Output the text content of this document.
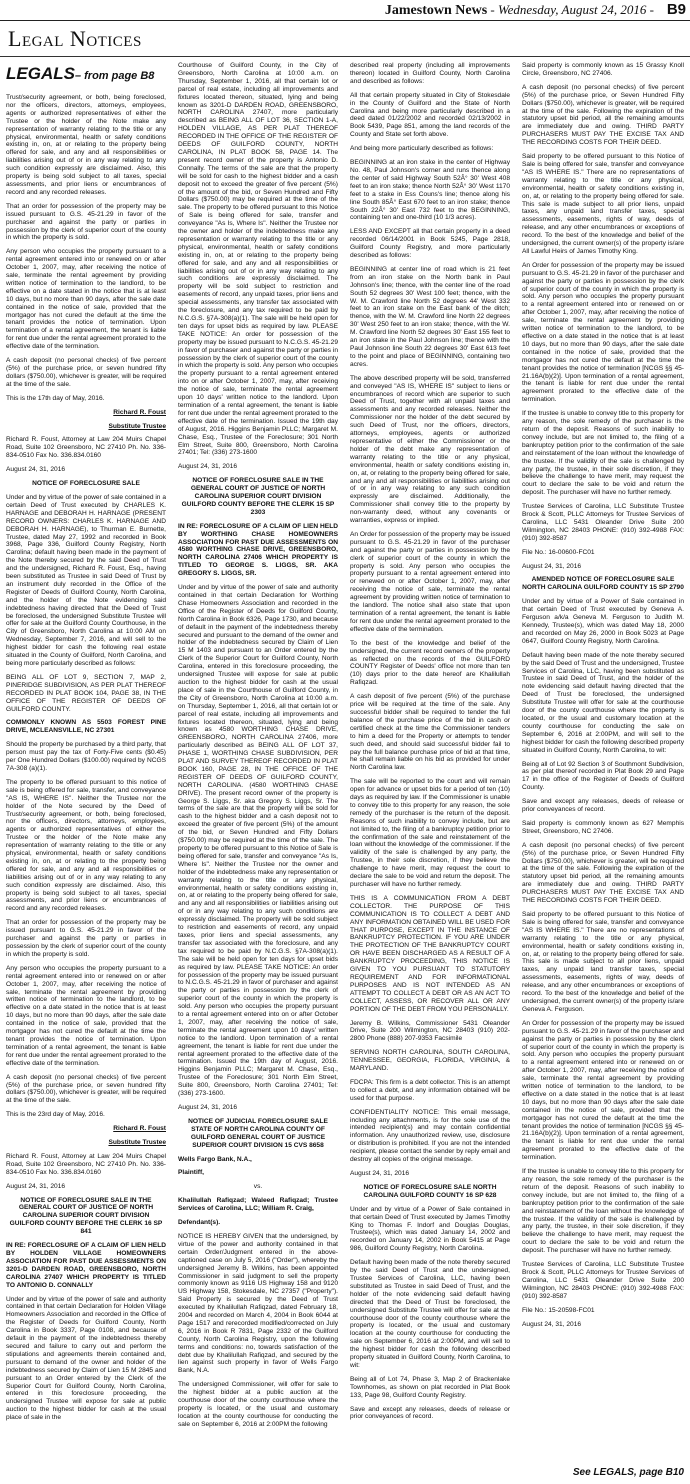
Jamestown News - Wednesday, August 24, 2016 - B9
Legal Notices
LEGALS– from page B8

Trust/security agreement, or both, being foreclosed, nor the officers, directors, attorneys, employees, agents or authorized representatives of either the Trustee or the holder of the Note make any representation of warranty relating to the title or any physical, environmental, health or safety conditions existing in, on, at or relating to the property being offered for sale, and any and all responsibilities or liabilities arising out of or in any way relating to any such condition expressly are disclaimed. Also, this property is being sold subject to all taxes, special assessments, and prior liens or encumbrances of record and any recorded releases.

That an order for possession of the property may be issued pursuant to G.S. 45-21.29 in favor of the purchaser and against the party or parties in possession by the clerk of superior court of the county in which the property is sold.

Any person who occupies the property pursuant to a rental agreement entered into or renewed on or after October 1, 2007, may, after receiving the notice of sale, terminate the rental agreement by providing written notice of termination to the landlord, to be effective on a date stated in the notice that is at least 10 days, but no more than 90 days, after the sale date contained in the notice of sale, provided that the mortgagor has not cured the default at the time the tenant provides the notice of termination. Upon termination of a rental agreement, the tenant is liable for rent due under the rental agreement prorated to the effective date of the termination.

A cash deposit (no personal checks) of five percent (5%) of the purchase price, or seven hundred fifty dollars ($750.00), whichever is greater, will be required at the time of the sale.

This is the 17th day of May, 2016.

Richard R. Foust

Substitute Trustee

Richard R. Foust, Attorney at Law 204 Muirs Chapel Road, Suite 102 Greensboro, NC 27410 Ph. No. 336-834-0510 Fax No. 336.834.0160

August 24, 31, 2016

NOTICE OF FORECLOSURE SALE

Under and by virtue of the power of sale contained in a certain Deed of Trust executed by CHARLES K. HARNAGE and DEBORAH H. HARNAGE (PRESENT RECORD OWNERS: CHARLES K. HARNAGE AND DEBORAH H. HARNAGE), to Thurman E. Burnette, Trustee, dated May 27, 1992 and recorded in Book 3968, Page 336, Guilford County Registry, North Carolina; default having been made in the payment of the Note thereby secured by the said Deed of Trust and the undersigned, Richard R. Foust, Esq., having been substituted as Trustee in said Deed of Trust by an instrument duly recorded in the Office of the Register of Deeds of Guilford County, North Carolina, and the holder of the Note evidencing said indebtedness having directed that the Deed of Trust be foreclosed, the undersigned Substitute Trustee will offer for sale at the Guilford County Courthouse, in the City of Greensboro, North Carolina at 10:00 AM on Wednesday, September 7, 2016, and will sell to the highest bidder for cash the following real estate situated in the County of Guilford, North Carolina, and being more particularly described as follows:

BEING ALL OF LOT 9, SECTION 7, MAP 2, PINERIDGE SUBDIVISION, AS PER PLAT THEREOF RECORDED IN PLAT BOOK 104, PAGE 38, IN THE OFFICE OF THE REGISTER OF DEEDS OF GUILFORD COUNTY.

COMMONLY KNOWN AS 5503 FOREST PINE DRIVE, MCLEANSVILLE, NC 27301

Should the property be purchased by a third party, that person must pay the tax of Forty-Five cents ($0.45) per One Hundred Dollars ($100.00) required by NCGS 7A-308 (a)(1).

The property to be offered pursuant to this notice of sale is being offered for sale, transfer, and conveyance "AS IS, WHERE IS". Neither the Trustee nor the holder of the Note secured by the Deed of Trust/security agreement, or both, being foreclosed, nor the officers, directors, attorneys, employees, agents or authorized representatives of either the Trustee or the holder of the Note make any representation of warranty relating to the title or any physical, environmental, health or safety conditions existing in, on, at or relating to the property being offered for sale, and any and all responsibilities or liabilities arising out of or in any way relating to any such condition expressly are disclaimed. Also, this property is being sold subject to all taxes, special assessments, and prior liens or encumbrances of record and any recorded releases.

That an order for possession of the property may be issued pursuant to G.S. 45-21.29 in favor of the purchaser and against the party or parties in possession by the clerk of superior court of the county in which the property is sold.

Any person who occupies the property pursuant to a rental agreement entered into or renewed on or after October 1, 2007, may, after receiving the notice of sale, terminate the rental agreement by providing written notice of termination to the landlord, to be effective on a date stated in the notice that is at least 10 days, but no more than 90 days, after the sale date contained in the notice of sale, provided that the mortgagor has not cured the default at the time the tenant provides the notice of termination. Upon termination of a rental agreement, the tenant is liable for rent due under the rental agreement prorated to the effective date of the termination.

A cash deposit (no personal checks) of five percent (5%) of the purchase price, or seven hundred fifty dollars ($750.00), whichever is greater, will be required at the time of the sale.

This is the 23rd day of May, 2016.

Richard R. Foust

Substitute Trustee

Richard R. Foust, Attorney at Law 204 Muirs Chapel Road, Suite 102 Greensboro, NC 27410 Ph. No. 336-834-0510 Fax No. 336.834.0160

August 24, 31, 2016

NOTICE OF FORECLOSURE SALE IN THE GENERAL COURT OF JUSTICE OF NORTH CAROLINA SUPERIOR COURT DIVISION GUILFORD COUNTY BEFORE THE CLERK 16 SP 841

IN RE: FORECLOSURE OF A CLAIM OF LIEN HELD BY HOLDEN VILLAGE HOMEOWNERS ASSOCIATION FOR PAST DUE ASSESSMENTS ON 3201-D DARDEN ROAD, GREENSBORO, NORTH CAROLINA 27407 WHICH PROPERTY IS TITLED TO ANTONIO D. CONNALLY

Under and by virtue of the power of sale and authority contained in that certain Declaration for Holden Village Homeowners Association and recorded in the Office of the Register of Deeds for Guilford County, North Carolina in Book 3337, Page 0108, and because of default in the payment of the indebtedness thereby secured and failure to carry out and perform the stipulations and agreements therein contained and, pursuant to demand of the owner and holder of the indebtedness secured by Claim of Lien 15 M 2845 and pursuant to an Order entered by the Clerk of the Superior Court for Guilford County, North Carolina, entered in this foreclosure proceeding, the undersigned Trustee will expose for sale at public auction to the highest bidder for cash at the usual place of sale in the

Courthouse of Guilford County, in the City of Greensboro, North Carolina at 10:00 a.m. on Thursday, September 1, 2016, all that certain lot or parcel of real estate, including all improvements and fixtures located thereon, situated, lying and being known as 3201-D DARDEN ROAD, GREENSBORO, NORTH CAROLINA 27407, more particularly described as BEING ALL OF LOT 36, SECTION 1-A, HOLDEN VILLAGE, AS PER PLAT THEREOF RECORDED IN THE OFFICE OF THE REGISTER OF DEEDS OF GUILFORD COUNTY, NORTH CAROLINA, IN PLAT BOOK 58, PAGE 14. The present record owner of the property is Antonio D. Connally. The terms of the sale are that the property will be sold for cash to the highest bidder and a cash deposit not to exceed the greater of five percent (5%) of the amount of the bid, or Seven Hundred and Fifty Dollars ($750.00) may be required at the time of the sale. The property to be offered pursuant to this Notice of Sale is being offered for sale, transfer and conveyance "As Is, Where Is". Neither the Trustee nor the owner and holder of the indebtedness make any representation or warranty relating to the title or any physical, environmental, health or safety conditions existing in, on, at or relating to the property being offered for sale, and any and all responsibilities or liabilities arising out of or in any way relating to any such conditions are expressly disclaimed. The property will be sold subject to restriction and easements of record, any unpaid taxes, prior liens and special assessments, any transfer tax associated with the foreclosure, and any tax required to be paid by N.C.G.S. §7A-308(a)(1). The sale will be held open for ten days for upset bids as required by law. PLEASE TAKE NOTICE: An order for possession of the property may be issued pursuant to N.C.G.S. 45-21.29 in favor of purchaser and against the party or parties in possession by the clerk of superior court of the county in which the property is sold. Any person who occupies the property pursuant to a rental agreement entered into on or after October 1, 2007, may, after receiving the notice of sale, terminate the rental agreement upon 10 days' written notice to the landlord. Upon termination of a rental agreement, the tenant is liable for rent due under the rental agreement prorated to the effective date of the termination. Issued the 19th day of August, 2016. Higgins Benjamin PLLC; Margaret M. Chase, Esq., Trustee of the Foreclosure; 301 North Elm Street, Suite 800, Greensboro, North Carolina 27401; Tel: (336) 273-1600

August 24, 31, 2016

NOTICE OF FORECLOSURE SALE IN THE GENERAL COURT OF JUSTICE OF NORTH CAROLINA SUPERIOR COURT DIVISION GUILFORD COUNTY BEFORE THE CLERK 15 SP 2303

IN RE: FORECLOSURE OF A CLAIM OF LIEN HELD BY WORTHING CHASE HOMEOWNERS ASSOCIATION FOR PAST DUE ASSESSMENTS ON 4580 WORTHING CHASE DRIVE, GREENSBORO, NORTH CAROLINA 27406 WHICH PROPERTY IS TITLED TO GEORGE S. LIGGS, SR. AKA GREGORY S. LIGGS, SR.

Under and by virtue of the power of sale and authority contained in that certain Declaration for Worthing Chase Homeowners Association and recorded in the Office of the Register of Deeds for Guilford County, North Carolina in Book 6326, Page 1730, and because of default in the payment of the indebtedness thereby secured and pursuant to the demand of the owner and holder of the indebtedness secured by Claim of Lien 15 M 1403 and pursuant to an Order entered by the Clerk of the Superior Court for Guilford County, North Carolina, entered in this foreclosure proceeding, the undersigned Trustee will expose for sale at public auction to the highest bidder for cash at the usual place of sale in the Courthouse of Guilford County, in the City of Greensboro, North Carolina at 10:00 a.m. on Thursday, September 1, 2016, all that certain lot or parcel of real estate, including all improvements and fixtures located thereon, situated, lying and being known as 4580 WORTHING CHASE DRIVE, GREENSBORO, NORTH CAROLINA 27406, more particularly described as BEING ALL OF LOT 37, PHASE 1, WORTHING CHASE SUBDIVISION, PER PLAT AND SURVEY THEREOF RECORDED IN PLAT BOOK 160, PAGE 28, IN THE OFFICE OF THE REGISTER OF DEEDS OF GUILFORD COUNTY, NORTH CAROLINA. (4580 WORTHING CHASE DRIVE). The present record owner of the property is George S. Liggs, Sr. aka Gregory S. Liggs, Sr. The terms of the sale are that the property will be sold for cash to the highest bidder and a cash deposit not to exceed the greater of five percent (5%) of the amount of the bid, or Seven Hundred and Fifty Dollars ($750.00) may be required at the time of the sale. The property to be offered pursuant to this Notice of Sale is being offered for sale, transfer and conveyance "As Is, Where Is". Neither the Trustee nor the owner and holder of the indebtedness make any representation or warranty relating to the title or any physical, environmental, health or safety conditions existing in, on, at or relating to the property being offered for sale, and any and all responsibilities or liabilities arising out of or in any way relating to any such conditions are expressly disclaimed. The property will be sold subject to restriction and easements of record, any unpaid taxes, prior liens and special assessments, any transfer tax associated with the foreclosure, and any tax required to be paid by N.C.G.S. §7A-308(a)(1). The sale will be held open for ten days for upset bids as required by law. PLEASE TAKE NOTICE: An order for possession of the property may be issued pursuant to N.C.G.S. 45-21.29 in favor of purchaser and against the party or parties in possession by the clerk of superior court of the county in which the property is sold. Any person who occupies the property pursuant to a rental agreement entered into on or after October 1, 2007, may, after receiving the notice of sale, terminate the rental agreement upon 10 days' written notice to the landlord. Upon termination of a rental agreement, the tenant is liable for rent due under the rental agreement prorated to the effective date of the termination. Issued the 19th day of August, 2016. Higgins Benjamin PLLC; Margaret M. Chase, Esq., Trustee of the Foreclosure; 301 North Elm Street, Suite 800, Greensboro, North Carolina 27401; Tel: (336) 273-1600.

August 24, 31, 2016

NOTICE OF JUDICIAL FORECLOSURE SALE STATE OF NORTH CAROLINA COUNTY OF GUILFORD GENERAL COURT OF JUSTICE SUPERIOR COURT DIVISION 15 CVS 8658

Wells Fargo Bank, N.A.,

Plaintiff,

vs.

Khalilullah Rafiqzad; Waleed Rafiqzad; Trustee Services of Carolina, LLC; William R. Craig,

Defendant(s).

NOTICE IS HEREBY GIVEN that the undersigned, by virtue of the power and authority contained in that certain Order/Judgment entered in the above-captioned case on July 5, 2016 ("Order"), whereby the undersigned Jeremy B. Wilkins, has been appointed Commissioner in said judgment to sell the property commonly known as 9116 US Highway 158 and 9120 US Highway 158, Stokesdale, NC 27357 ("Property"). Said Property is secured by the Deed of Trust executed by Khalilullah Rafiqzad, dated February 18, 2004 and recorded on March 4, 2004 in Book 6044 at Page 1517 and rerecorded modified/corrected on July 6, 2016 in Book R 7831, Page 2332 of the Guilford County, North Carolina Registry, upon the following terms and conditions: no, towards satisfaction of the debt due by Khalilullah Rafiqzad, and secured by the lien against such property in favor of Wells Fargo Bank, N.A.

The undersigned Commissioner, will offer for sale to the highest bidder at a public auction at the courthouse door of the county courthouse where the property is located, or the usual and customary location at the county courthouse for conducting the sale on September 6, 2016 at 2:00PM the following

described real property (including all improvements thereon) located in Guilford County, North Carolina and described as follows:

All that certain property situated in City of Stokesdale in the County of Guilford and the State of North Carolina and being more particularly described in a deed dated 01/22/2002 and recorded 02/13/2002 in Book 5439, Page 851, among the land records of the County and State set forth above.

And being more particularly described as follows:

BEGINNING at an iron stake in the center of Highway No. 48, Paul Johnson's corner and runs thence along the center of said Highway South 52Â° 30' West 408 feet to an iron stake; thence North 52Â° 30' West 1170 feet to a stake in Ess Couns's line; thence along his line South 85Â° East 670 feet to an iron stake; thence South 22Â° 30' East 732 feet to the BEGINNING, containing ten and one-third (10 1/3 acres).

LESS AND EXCEPT all that certain property in a deed recorded 06/14/2001 in Book 5245, Page 2818, Guilford County Registry, and more particularly described as follows:

BEGINNING at center line of road which is 21 feet from an iron stake on the North bank in Paul Johnson's line; thence, with the center line of the road South 52 degrees 30' West 100 feet; thence, with the W. M. Crawford line North 52 degrees 44' West 332 feet to an iron stake on the East bank of the ditch; thence, with the W. M. Crawford line North 22 degrees 30' West 250 feet to an iron stake; thence, with the W. M. Crawford line North 52 degrees 30' East 155 feet to an iron stake in the Paul Johnson line; thence with the Paul Johnson line South 22 degrees 30' East 613 feet to the point and place of BEGINNING, containing two acres.

The above described property will be sold, transferred and conveyed "AS IS, WHERE IS" subject to liens or encumbrances of record which are superior to such Deed of Trust, together with all unpaid taxes and assessments and any recorded releases. Neither the Commissioner nor the holder of the debt secured by such Deed of Trust, nor the officers, directors, attorneys, employees, agents or authorized representative of either the Commissioner or the holder of the debt make any representation of warranty relating to the title or any physical, environmental, health or safety conditions existing in, on, at, or relating to the property being offered for sale, and any and all responsibilities or liabilities arising out of or in any way relating to any such condition expressly are disclaimed. Additionally, the Commissioner shall convey title to the property by non-warranty deed, without any covenants or warranties, express or implied.

An Order for possession of the property may be issued pursuant to G.S. 45-21.29 in favor of the purchaser and against the party or parties in possession by the clerk of superior court of the county in which the property is sold. Any person who occupies the property pursuant to a rental agreement entered into or renewed on or after October 1, 2007, may, after receiving the notice of sale, terminate the rental agreement by providing written notice of termination to the landlord. The notice shall also state that upon termination of a rental agreement, the tenant is liable for rent due under the rental agreement prorated to the effective date of the termination.

To the best of the knowledge and belief of the undersigned, the current record owners of the property as reflected on the records of the GUILFORD COUNTY Register of Deeds' office not more than ten (10) days prior to the date hereof are Khalilullah Rafiqzad.

A cash deposit of five percent (5%) of the purchase price will be required at the time of the sale. Any successful bidder shall be required to tender the full balance of the purchase price of the bid in cash or certified check at the time the Commissioner tenders to him a deed for the Property or attempts to tender such deed, and should said successful bidder fail to pay the full balance purchase price of bid at that time, he shall remain liable on his bid as provided for under North Carolina law.

The sale will be reported to the court and will remain open for advance or upset bids for a period of ten (10) days as required by law. If the Commissioner is unable to convey title to this property for any reason, the sole remedy of the purchaser is the return of the deposit. Reasons of such inability to convey include, but are not limited to, the filing of a bankruptcy petition prior to the confirmation of the sale and reinstatement of the loan without the knowledge of the commissioner. If the validity of the sale is challenged by any party, the Trustee, in their sole discretion, if they believe the challenge to have merit, may request the court to declare the sale to be void and return the deposit. The purchaser will have no further remedy.

THIS IS A COMMUNICATION FROM A DEBT COLLECTOR. THE PURPOSE OF THIS COMMUNICATION IS TO COLLECT A DEBT AND ANY INFORMATION OBTAINED WILL BE USED FOR THAT PURPOSE, EXCEPT IN THE INSTANCE OF BANKRUPTCY PROTECTION. IF YOU ARE UNDER THE PROTECTION OF THE BANKRUPTCY COURT OR HAVE BEEN DISCHARGED AS A RESULT OF A BANKRUPTCY PROCEEDING, THIS NOTICE IS GIVEN TO YOU PURSUANT TO STATUTORY REQUIREMENT AND FOR INFORMATIONAL PURPOSES AND IS NOT INTENDED AS AN ATTEMPT TO COLLECT A DEBT OR AS AN ACT TO COLLECT, ASSESS, OR RECOVER ALL OR ANY PORTION OF THE DEBT FROM YOU PERSONALLY.

Jeremy B. Wilkins, Commissioner 5431 Oleander Drive, Suite 200 Wilmington, NC 28403 (910) 202-2800 Phone (888) 207-9353 Facsimile

SERVING NORTH CAROLINA, SOUTH CAROLINA, TENNESSEE, GEORGIA, FLORIDA, VIRGINIA, & MARYLAND.

FDCPA: This firm is a debt collector. This is an attempt to collect a debt, and any information obtained will be used for that purpose.

CONFIDENTIALITY NOTICE: This email message, including any attachments, is for the sole use of the intended recipient(s) and may contain confidential information. Any unauthorized review, use, disclosure or distribution is prohibited. If you are not the intended recipient, please contact the sender by reply email and destroy all copies of the original message.

August 24, 31, 2016

NOTICE OF FORECLOSURE SALE NORTH CAROLINA GUILFORD COUNTY 16 SP 628

Under and by virtue of a Power of Sale contained in that certain Deed of Trust executed by James Timothy King to Thomas F. Indorf and Douglas Douglas, Trustee(s), which was dated January 14, 2002 and recorded on January 14, 2002 in Book 5415 at Page 986, Guilford County Registry, North Carolina.

Default having been made of the note thereby secured by the said Deed of Trust and the undersigned, Trustee Services of Carolina, LLC, having been substituted as Trustee in said Deed of Trust, and the holder of the note evidencing said default having directed that the Deed of Trust be foreclosed, the undersigned Substitute Trustee will offer for sale at the courthouse door of the county courthouse where the property is located, or the usual and customary location at the county courthouse for conducting the sale on September 6, 2016 at 2:00PM, and will sell to the highest bidder for cash the following described property situated in Guilford County, North Carolina, to wit:

Being all of Lot 74, Phase 3, Map 2 of Brackenlake Townhomes, as shown on plat recorded in Plat Book 133, Page 98, Guilford County Registry.

Save and except any releases, deeds of release or prior conveyances of record.

Said property is commonly known as 15 Grassy Knoll Circle, Greensboro, NC 27406.

A cash deposit (no personal checks) of five percent (5%) of the purchase price, or Seven Hundred Fifty Dollars ($750.00), whichever is greater, will be required at the time of the sale. Following the expiration of the statutory upset bid period, all the remaining amounts are immediately due and owing. THIRD PARTY PURCHASERS MUST PAY THE EXCISE TAX AND THE RECORDING COSTS FOR THEIR DEED.

Said property to be offered pursuant to this Notice of Sale is being offered for sale, transfer and conveyance "AS IS WHERE IS." There are no representations of warranty relating to the title or any physical, environmental, health or safety conditions existing in, on, at, or relating to the property being offered for sale. This sale is made subject to all prior liens, unpaid taxes, any unpaid land transfer taxes, special assessments, easements, rights of way, deeds of release, and any other encumbrances or exceptions of record. To the best of the knowledge and belief of the undersigned, the current owner(s) of the property is/are All Lawful Heirs of James Timothy King.

An Order for possession of the property may be issued pursuant to G.S. 45-21.29 in favor of the purchaser and against the party or parties in possession by the clerk of superior court of the county in which the property is sold. Any person who occupies the property pursuant to a rental agreement entered into or renewed on or after October 1, 2007, may, after receiving the notice of sale, terminate the rental agreement by providing written notice of termination to the landlord, to be effective on a date stated in the notice that is at least 10 days, but no more than 90 days, after the sale date contained in the notice of sale, provided that the mortgagor has not cured the default at the time the tenant provides the notice of termination [NCGS §§ 45-21.16A(b)(2)]. Upon termination of a rental agreement, the tenant is liable for rent due under the rental agreement prorated to the effective date of the termination.

If the trustee is unable to convey title to this property for any reason, the sole remedy of the purchaser is the return of the deposit. Reasons of such inability to convey include, but are not limited to, the filing of a bankruptcy petition prior to the confirmation of the sale and reinstatement of the loan without the knowledge of the trustee. If the validity of the sale is challenged by any party, the trustee, in their sole discretion, if they believe the challenge to have merit, may request the court to declare the sale to be void and return the deposit. The purchaser will have no further remedy.

Trustee Services of Carolina, LLC Substitute Trustee Brock & Scott, PLLC Attorneys for Trustee Services of Carolina, LLC 5431 Oleander Drive Suite 200 Wilmington, NC 28403 PHONE: (910) 392-4988 FAX: (910) 392-8587

File No.: 16-00600-FC01

August 24, 31, 2016

AMENDED NOTICE OF FORECLOSURE SALE NORTH CAROLINA GUILFORD COUNTY 15 SP 2790

Under and by virtue of a Power of Sale contained in that certain Deed of Trust executed by Geneva A. Ferguson a/k/a Geneva M. Ferguson to Judith M. Kennedy, Trustee(s), which was dated May 18, 2000 and recorded on May 26, 2000 in Book 5023 at Page 0647, Guilford County Registry, North Carolina.

Default having been made of the note thereby secured by the said Deed of Trust and the undersigned, Trustee Services of Carolina, LLC, having been substituted as Trustee in said Deed of Trust, and the holder of the note evidencing said default having directed that the Deed of Trust be foreclosed, the undersigned Substitute Trustee will offer for sale at the courthouse door of the county courthouse where the property is located, or the usual and customary location at the county courthouse for conducting the sale on September 6, 2016 at 2:00PM, and will sell to the highest bidder for cash the following described property situated in Guilford County, North Carolina, to wit:

Being all of Lot 92 Section 3 of Southmont Subdivision, as per plat thereof recorded in Plat Book 29 and Page 17 in the office of the Register of Deeds of Guilford County.

Save and except any releases, deeds of release or prior conveyances of record.

Said property is commonly known as 627 Memphis Street, Greensboro, NC 27406.

A cash deposit (no personal checks) of five percent (5%) of the purchase price, or Seven Hundred Fifty Dollars ($750.00), whichever is greater, will be required at the time of the sale. Following the expiration of the statutory upset bid period, all the remaining amounts are immediately due and owing. THIRD PARTY PURCHASERS MUST PAY THE EXCISE TAX AND THE RECORDING COSTS FOR THEIR DEED.

Said property to be offered pursuant to this Notice of Sale is being offered for sale, transfer and conveyance "AS IS WHERE IS." There are no representations of warranty relating to the title or any physical, environmental, health or safety conditions existing in, on, at, or relating to the property being offered for sale. This sale is made subject to all prior liens, unpaid taxes, any unpaid land transfer taxes, special assessments, easements, rights of way, deeds of release, and any other encumbrances or exceptions of record. To the best of the knowledge and belief of the undersigned, the current owner(s) of the property is/are Geneva A. Ferguson.

An Order for possession of the property may be issued pursuant to G.S. 45-21.29 in favor of the purchaser and against the party or parties in possession by the clerk of superior court of the county in which the property is sold. Any person who occupies the property pursuant to a rental agreement entered into or renewed on or after October 1, 2007, may, after receiving the notice of sale, terminate the rental agreement by providing written notice of termination to the landlord, to be effective on a date stated in the notice that is at least 10 days, but no more than 90 days after the sale date contained in the notice of sale, provided that the mortgagor has not cured the default at the time the tenant provides the notice of termination [NCGS §§ 45-21.16A(b)(2)]. Upon termination of a rental agreement, the tenant is liable for rent due under the rental agreement prorated to the effective date of the termination.

If the trustee is unable to convey title to this property for any reason, the sole remedy of the purchaser is the return of the deposit. Reasons of such inability to convey include, but are not limited to, the filing of a bankruptcy petition prior to the confirmation of the sale and reinstatement of the loan without the knowledge of the trustee. If the validity of the sale is challenged by any party, the trustee, in their sole discretion, if they believe the challenge to have merit, may request the court to declare the sale to be void and return the deposit. The purchaser will have no further remedy.

Trustee Services of Carolina, LLC Substitute Trustee Brock & Scott, PLLC Attorneys for Trustee Services of Carolina, LLC 5431 Oleander Drive Suite 200 Wilmington, NC 28403 PHONE: (910) 392-4988 FAX: (910) 392-8587

File No.: 15-20598-FC01

August 24, 31, 2016

See LEGALS, page B10
